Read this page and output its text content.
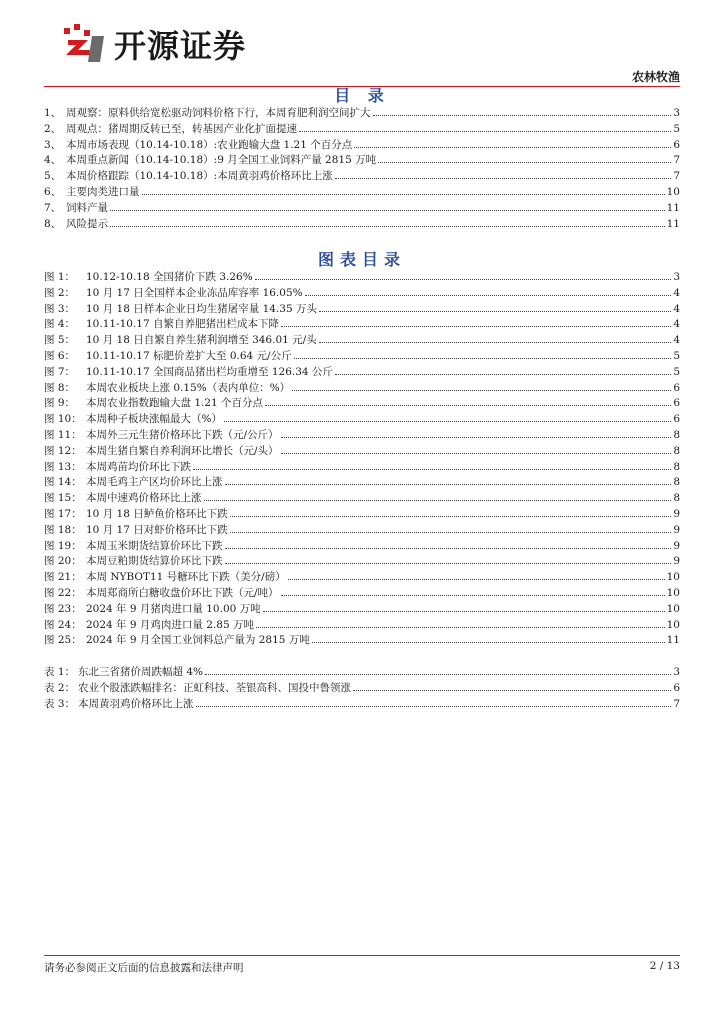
开源证券
农林牧渔
目 录
1、 周观察：原料供给宽松驱动饲料价格下行，本周育肥利润空间扩大	3
2、 周观点：猪周期反转已至，转基因产业化扩面提速	5
3、 本周市场表现（10.14-10.18）:农业跑输大盘 1.21 个百分点	6
4、 本周重点新闻（10.14-10.18）:9 月全国工业饲料产量 2815 万吨	7
5、 本周价格跟踪（10.14-10.18）:本周黄羽鸡价格环比上涨	7
6、 主要肉类进口量	10
7、 饲料产量	11
8、 风险提示	11
图表目录
图 1：	10.12-10.18 全国猪价下跌 3.26%	3
图 2：	10 月 17 日全国样本企业冻品库容率 16.05%	4
图 3：	10 月 18 日样本企业日均生猪屠宰量 14.35 万头	4
图 4：	10.11-10.17 自繁自养肥猪出栏成本下降	4
图 5：	10 月 18 日自繁自养生猪利润增至 346.01 元/头	4
图 6：	10.11-10.17 标肥价差扩大至 0.64 元/公斤	5
图 7：	10.11-10.17 全国商品猪出栏均重增至 126.34 公斤	5
图 8：	本周农业板块上涨 0.15%（表内单位：%）	6
图 9：	本周农业指数跑输大盘 1.21 个百分点	6
图 10： 本周种子板块涨幅最大（%）	6
图 11： 本周外三元生猪价格环比下跌（元/公斤）	8
图 12： 本周生猪自繁自养利润环比增长（元/头）	8
图 13： 本周鸡苗均价环比下跌	8
图 14： 本周毛鸡主产区均价环比上涨	8
图 15： 本周中速鸡价格环比上涨	8
图 17： 10 月 18 日鲈鱼价格环比下跌	9
图 18： 10 月 17 日对虾价格环比下跌	9
图 19： 本周玉米期货结算价环比下跌	9
图 20： 本周豆粕期货结算价环比下跌	9
图 21： 本周 NYBOT11 号糖环比下跌（美分/磅）	10
图 22： 本周郑商所白糖收盘价环比下跌（元/吨）	10
图 23： 2024 年 9 月猪肉进口量 10.00 万吨	10
图 24： 2024 年 9 月鸡肉进口量 2.85 万吨	10
图 25： 2024 年 9 月全国工业饲料总产量为 2815 万吨	11
表 1： 东北三省猪价周跌幅超 4%	3
表 2： 农业个股涨跌幅排名：正虹科技、荃银高科、国投中鲁领涨	6
表 3： 本周黄羽鸡价格环比上涨	7
请务必参阅正文后面的信息披露和法律声明	2 / 13
